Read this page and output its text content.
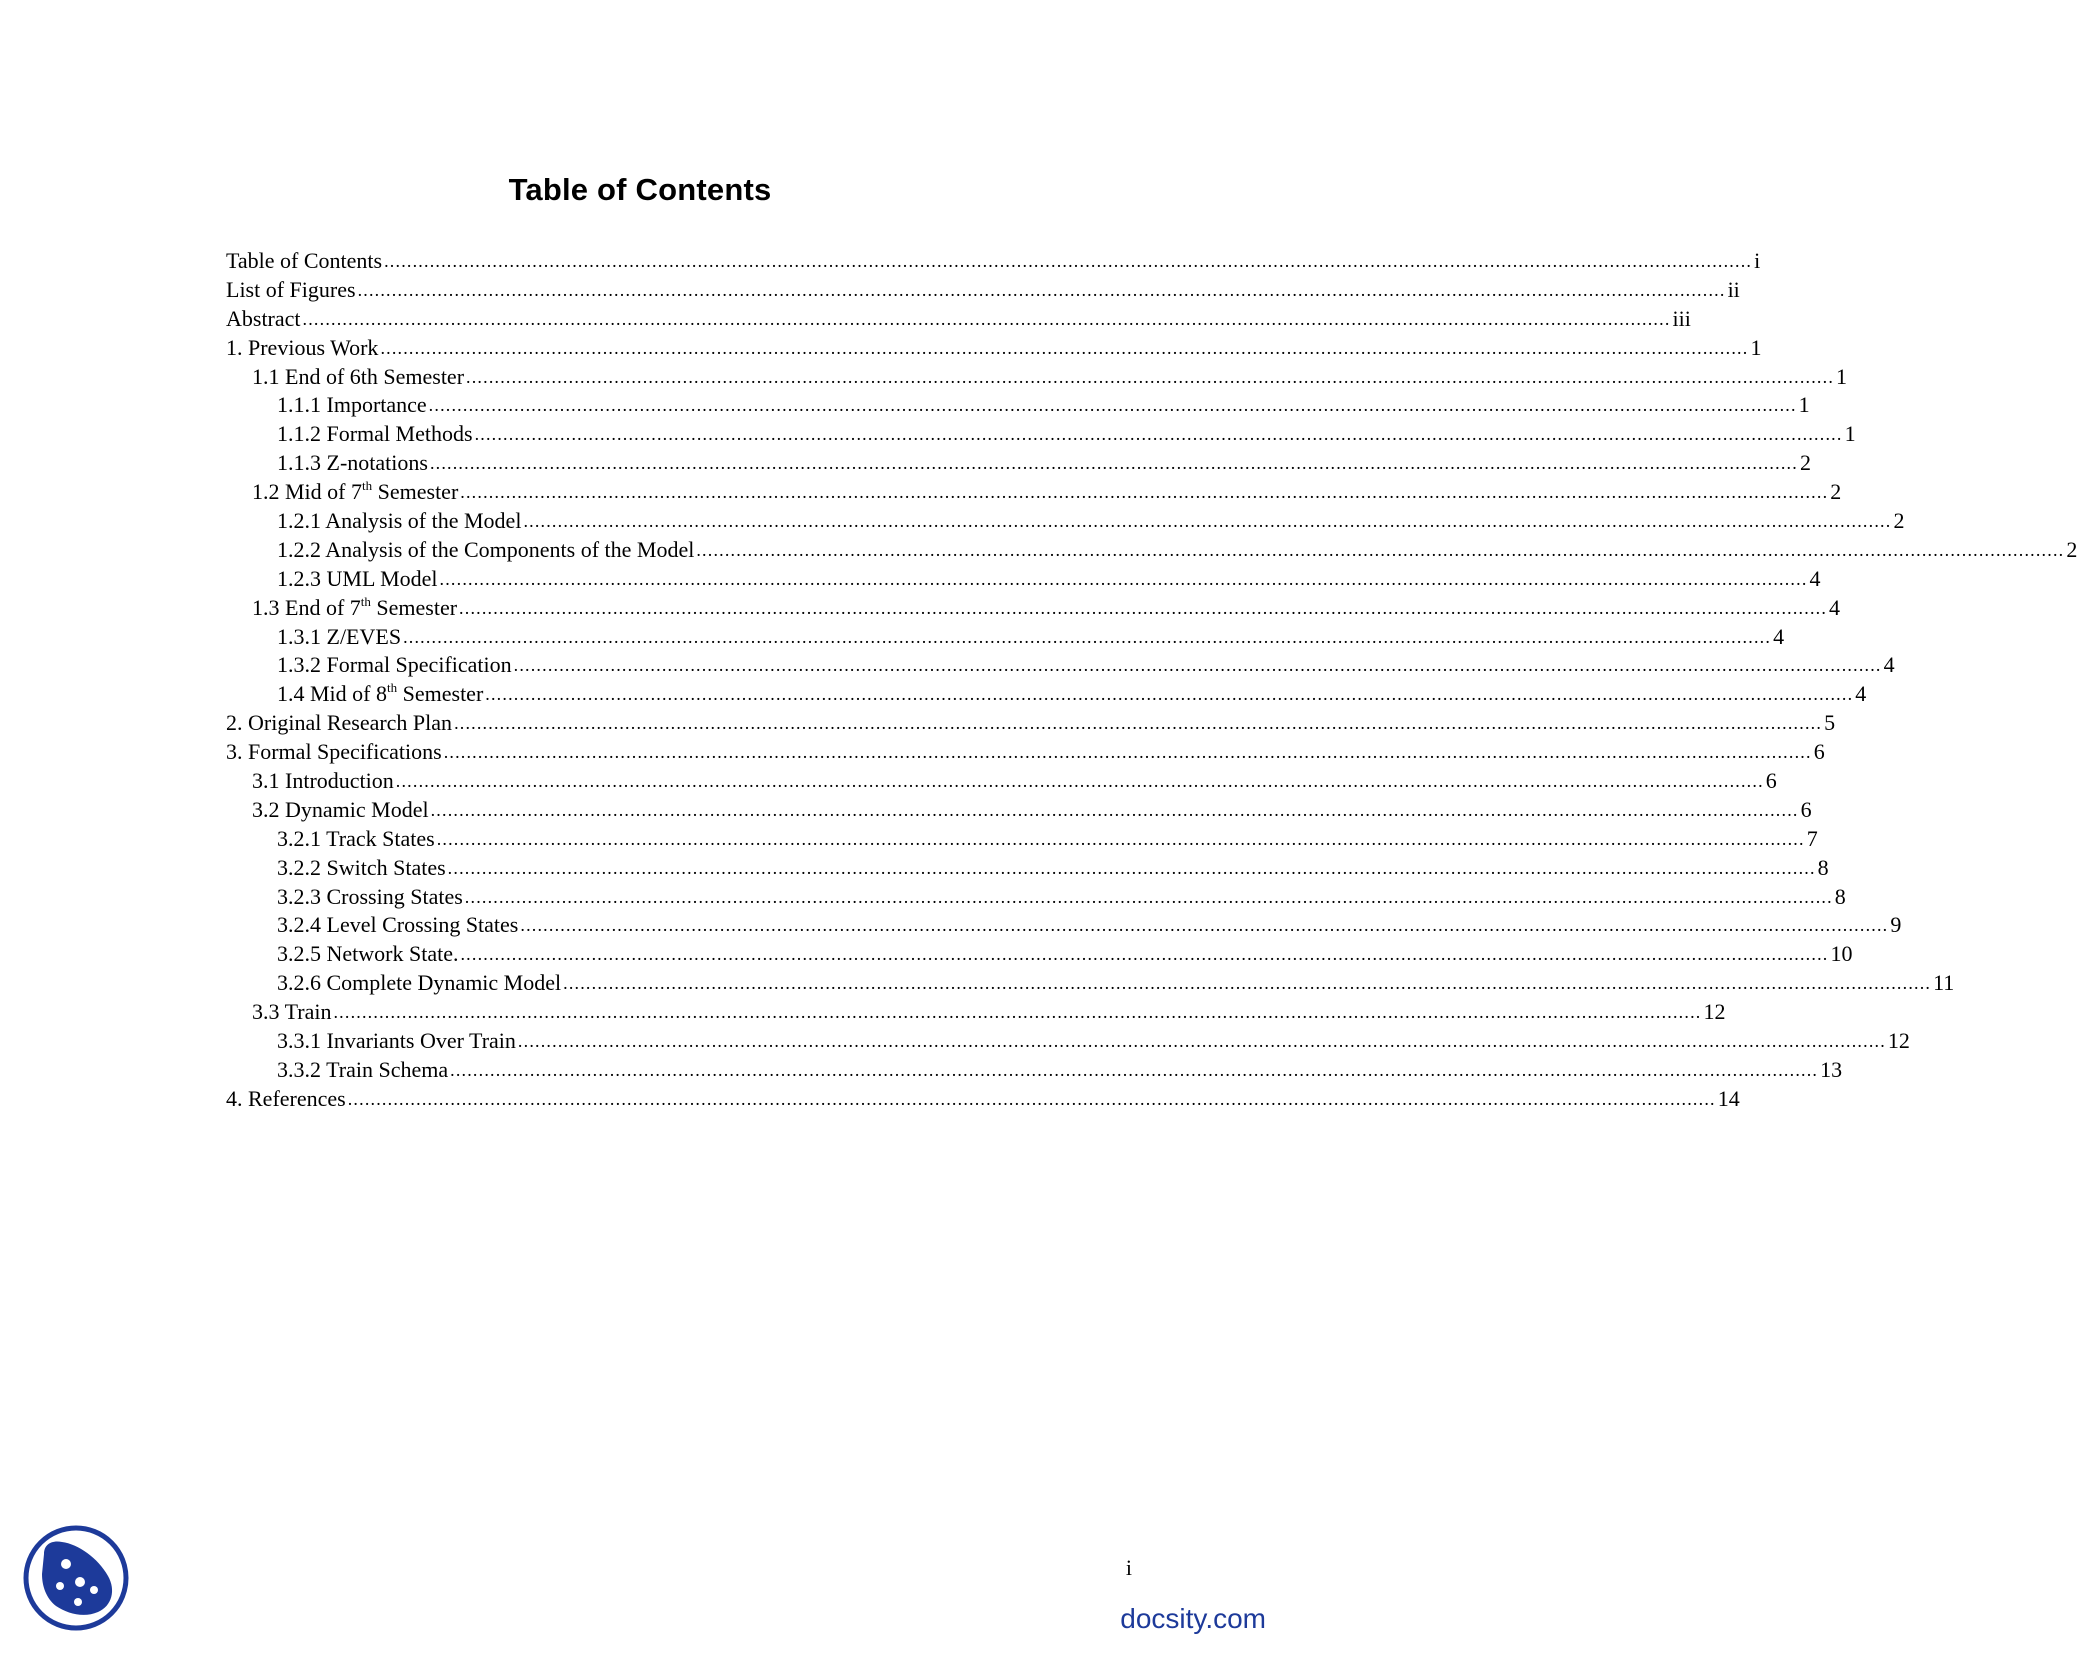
Table of Contents
Table of Contents ................................................................................................................................................................................................................................................ i
List of Figures ................................................................................................................................................................................................................................................ ii
Abstract ................................................................................................................................................................................................................................................ iii
1. Previous Work ................................................................................................................................................................................................................................................ 1
1.1 End of 6th Semester ................................................................................................................................................................................................................................................ 1
1.1.1 Importance ................................................................................................................................................................................................................................................ 1
1.1.2 Formal Methods ................................................................................................................................................................................................................................................ 1
1.1.3 Z-notations ................................................................................................................................................................................................................................................ 2
1.2 Mid of 7th Semester ................................................................................................................................................................................................................................................ 2
1.2.1 Analysis of the Model ................................................................................................................................................................................................................................................ 2
1.2.2 Analysis of the Components of the Model ................................................................................................................................................................................................................................................ 2
1.2.3 UML Model ................................................................................................................................................................................................................................................ 4
1.3 End of 7th Semester ................................................................................................................................................................................................................................................ 4
1.3.1 Z/EVES ................................................................................................................................................................................................................................................ 4
1.3.2 Formal Specification ................................................................................................................................................................................................................................................ 4
1.4 Mid of 8th Semester ................................................................................................................................................................................................................................................ 4
2. Original Research Plan ................................................................................................................................................................................................................................................ 5
3. Formal Specifications ................................................................................................................................................................................................................................................ 6
3.1 Introduction ................................................................................................................................................................................................................................................ 6
3.2 Dynamic Model ................................................................................................................................................................................................................................................ 6
3.2.1 Track States ................................................................................................................................................................................................................................................ 7
3.2.2 Switch States ................................................................................................................................................................................................................................................ 8
3.2.3 Crossing States ................................................................................................................................................................................................................................................ 8
3.2.4 Level Crossing States ................................................................................................................................................................................................................................................ 9
3.2.5 Network State. ................................................................................................................................................................................................................................................ 10
3.2.6 Complete Dynamic Model ................................................................................................................................................................................................................................................ 11
3.3 Train ................................................................................................................................................................................................................................................ 12
3.3.1 Invariants Over Train ................................................................................................................................................................................................................................................ 12
3.3.2 Train Schema ................................................................................................................................................................................................................................................ 13
4. References ................................................................................................................................................................................................................................................ 14
i
docsity.com
